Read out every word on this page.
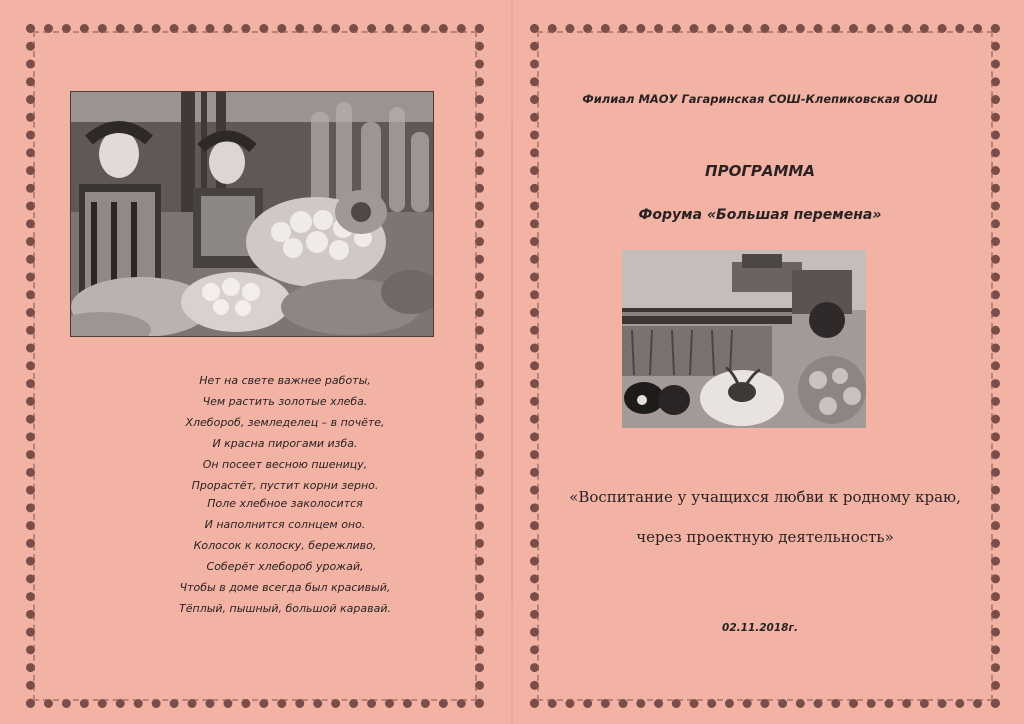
Нет на свете важнее работы,
Чем растить золотые хлеба.
Хлебороб, земледелец – в почёте,
И красна пирогами изба.
Он посеет весною пшеницу,
Прорастёт, пустит корни зерно.
Поле хлебное заколосится
И наполнится солнцем оно.
Колосок к колоску, бережливо,
Соберёт хлебороб урожай,
Чтобы в доме всегда был красивый,
Тёплый, пышный, большой каравай.
Филиал МАОУ Гагаринская СОШ-Клепиковская ООШ
ПРОГРАММА
Форума «Большая перемена»
«Воспитание у учащихся любви к родному краю,
через проектную деятельность»
02.11.2018г.
